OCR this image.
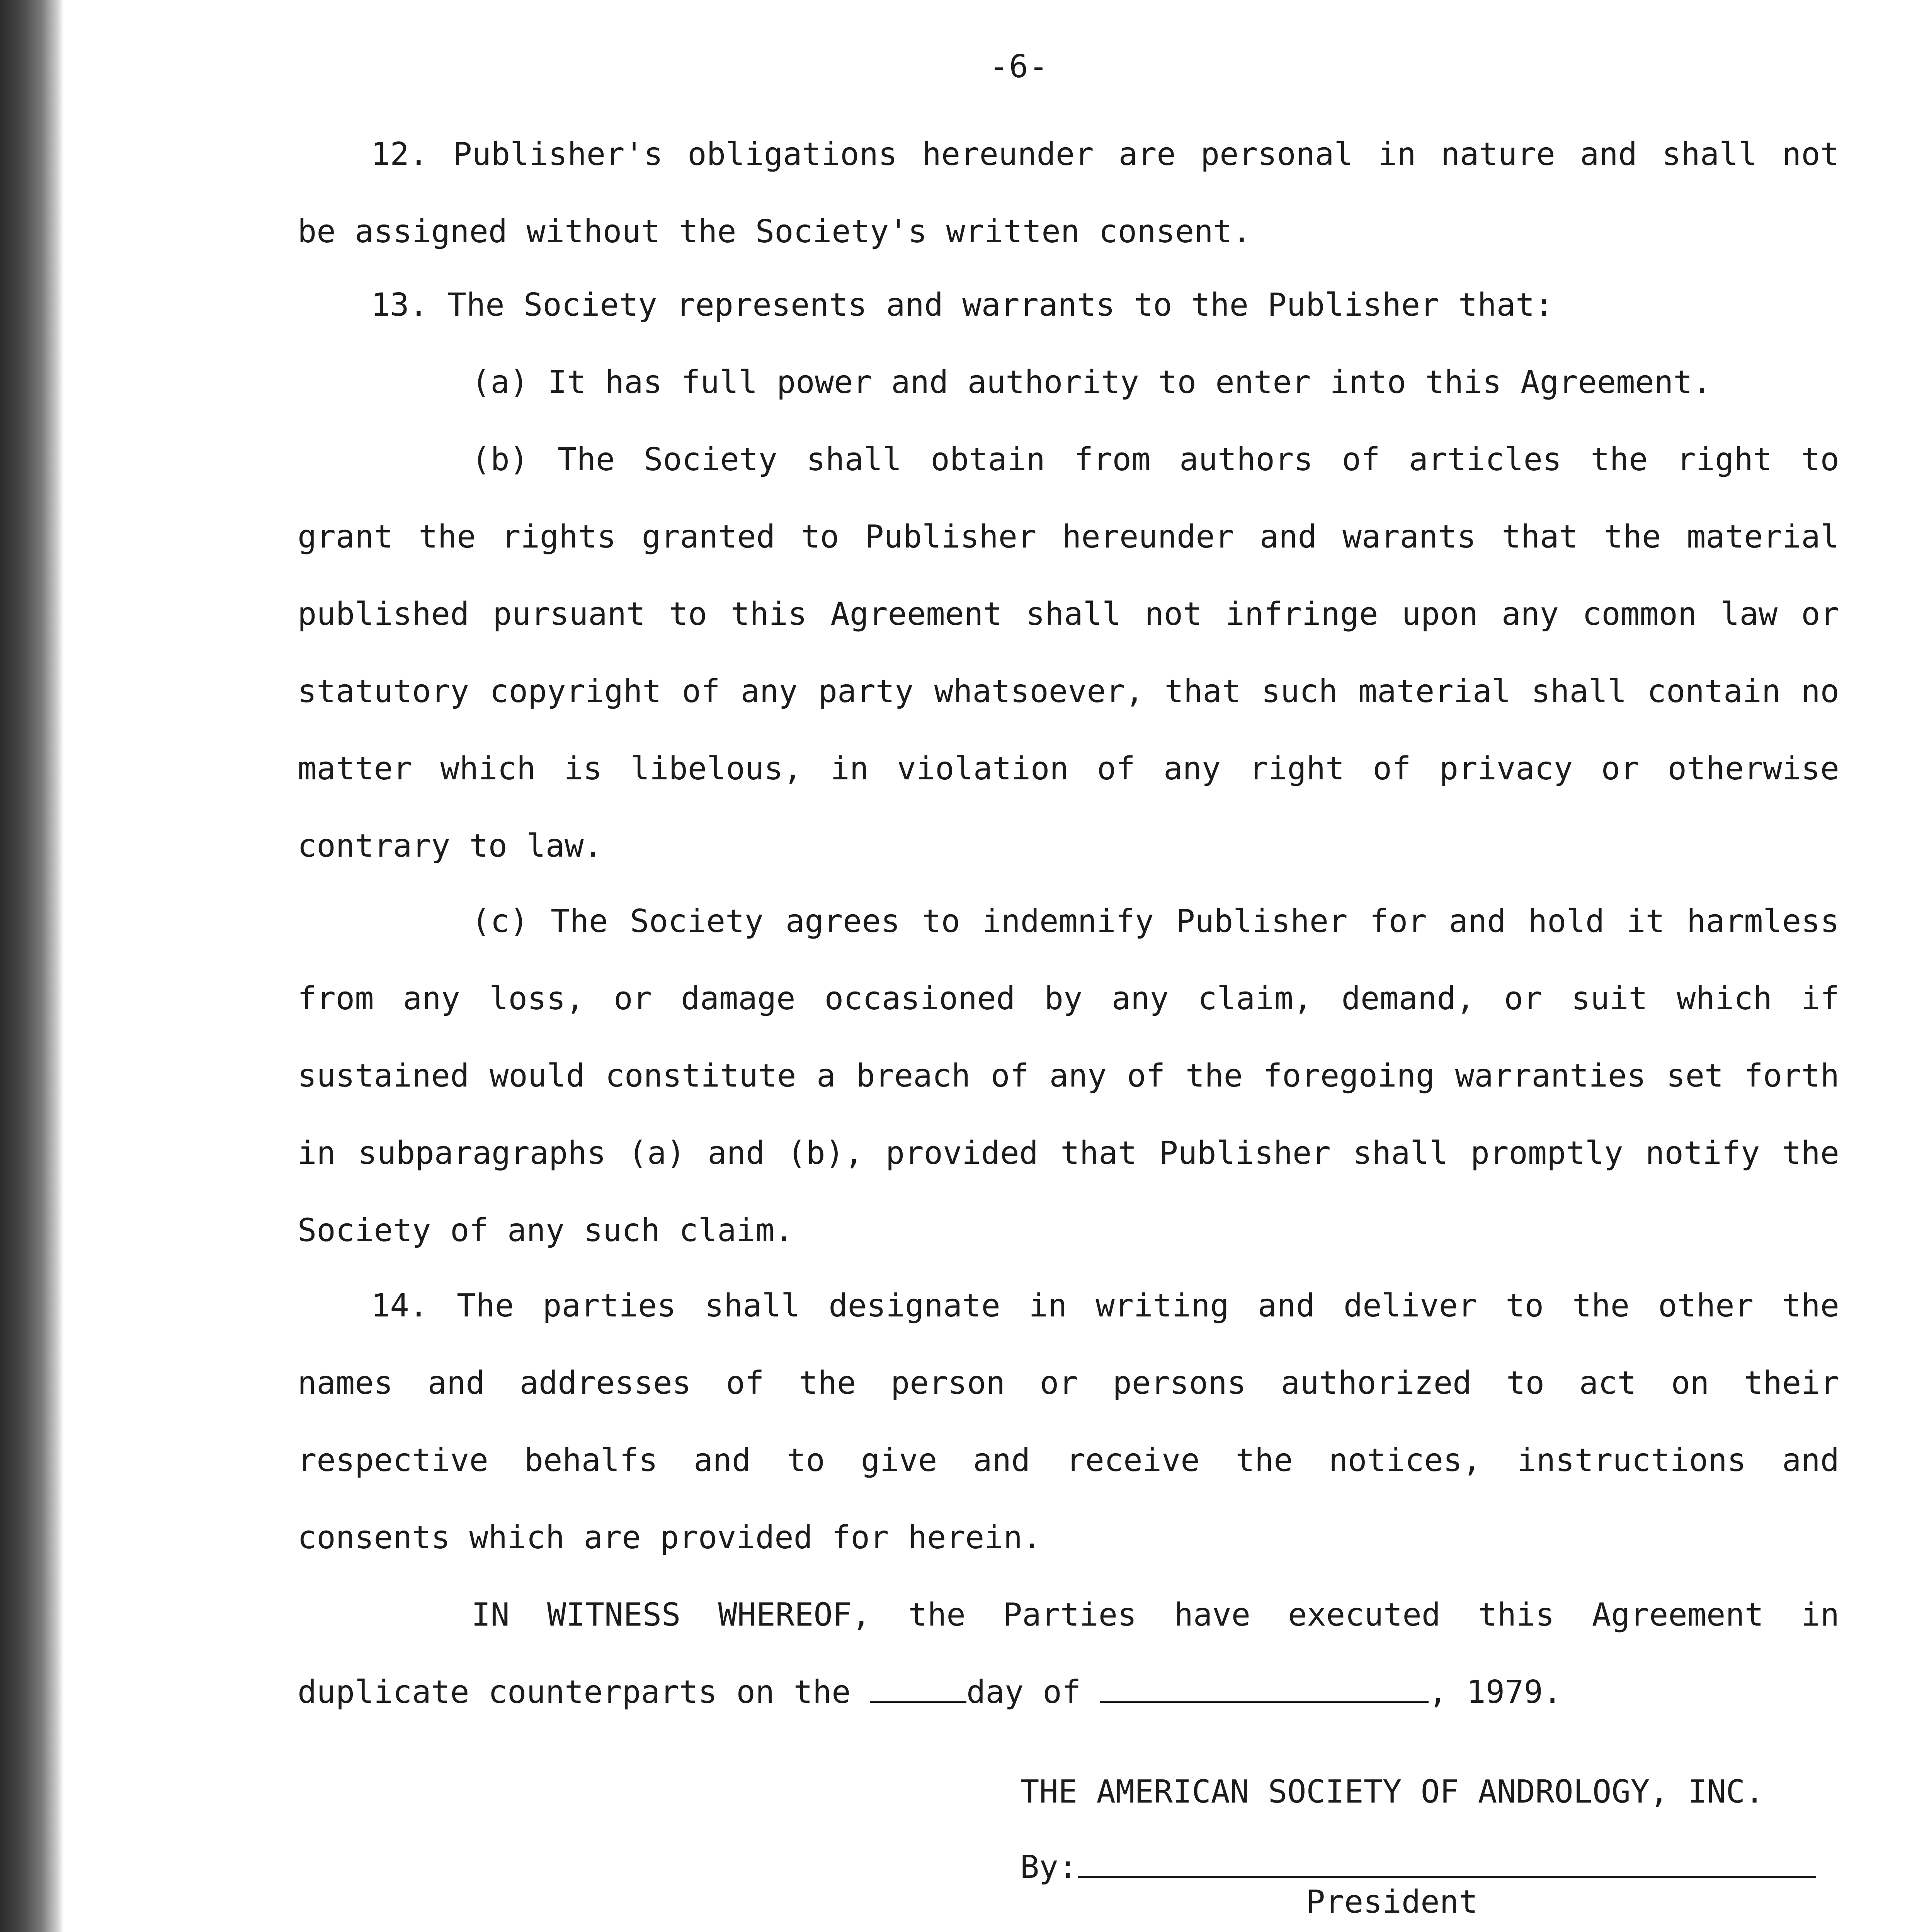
-6-

12. Publisher's obligations hereunder are personal in nature and shall not be assigned without the Society's written consent.

13. The Society represents and warrants to the Publisher that:

(a) It has full power and authority to enter into this Agreement.

(b) The Society shall obtain from authors of articles the right to grant the rights granted to Publisher hereunder and warants that the material published pursuant to this Agreement shall not infringe upon any common law or statutory copyright of any party whatsoever, that such material shall contain no matter which is libelous, in violation of any right of privacy or otherwise contrary to law.

(c) The Society agrees to indemnify Publisher for and hold it harmless from any loss, or damage occasioned by any claim, demand, or suit which if sustained would constitute a breach of any of the foregoing warranties set forth in subparagraphs (a) and (b), provided that Publisher shall promptly notify the Society of any such claim.

14. The parties shall designate in writing and deliver to the other the names and addresses of the person or persons authorized to act on their respective behalfs and to give and receive the notices, instructions and consents which are provided for herein.

IN WITNESS WHEREOF, the Parties have executed this Agreement in duplicate counterparts on the	day of	, 1979.

THE AMERICAN SOCIETY OF ANDROLOGY, INC.
By:
President
